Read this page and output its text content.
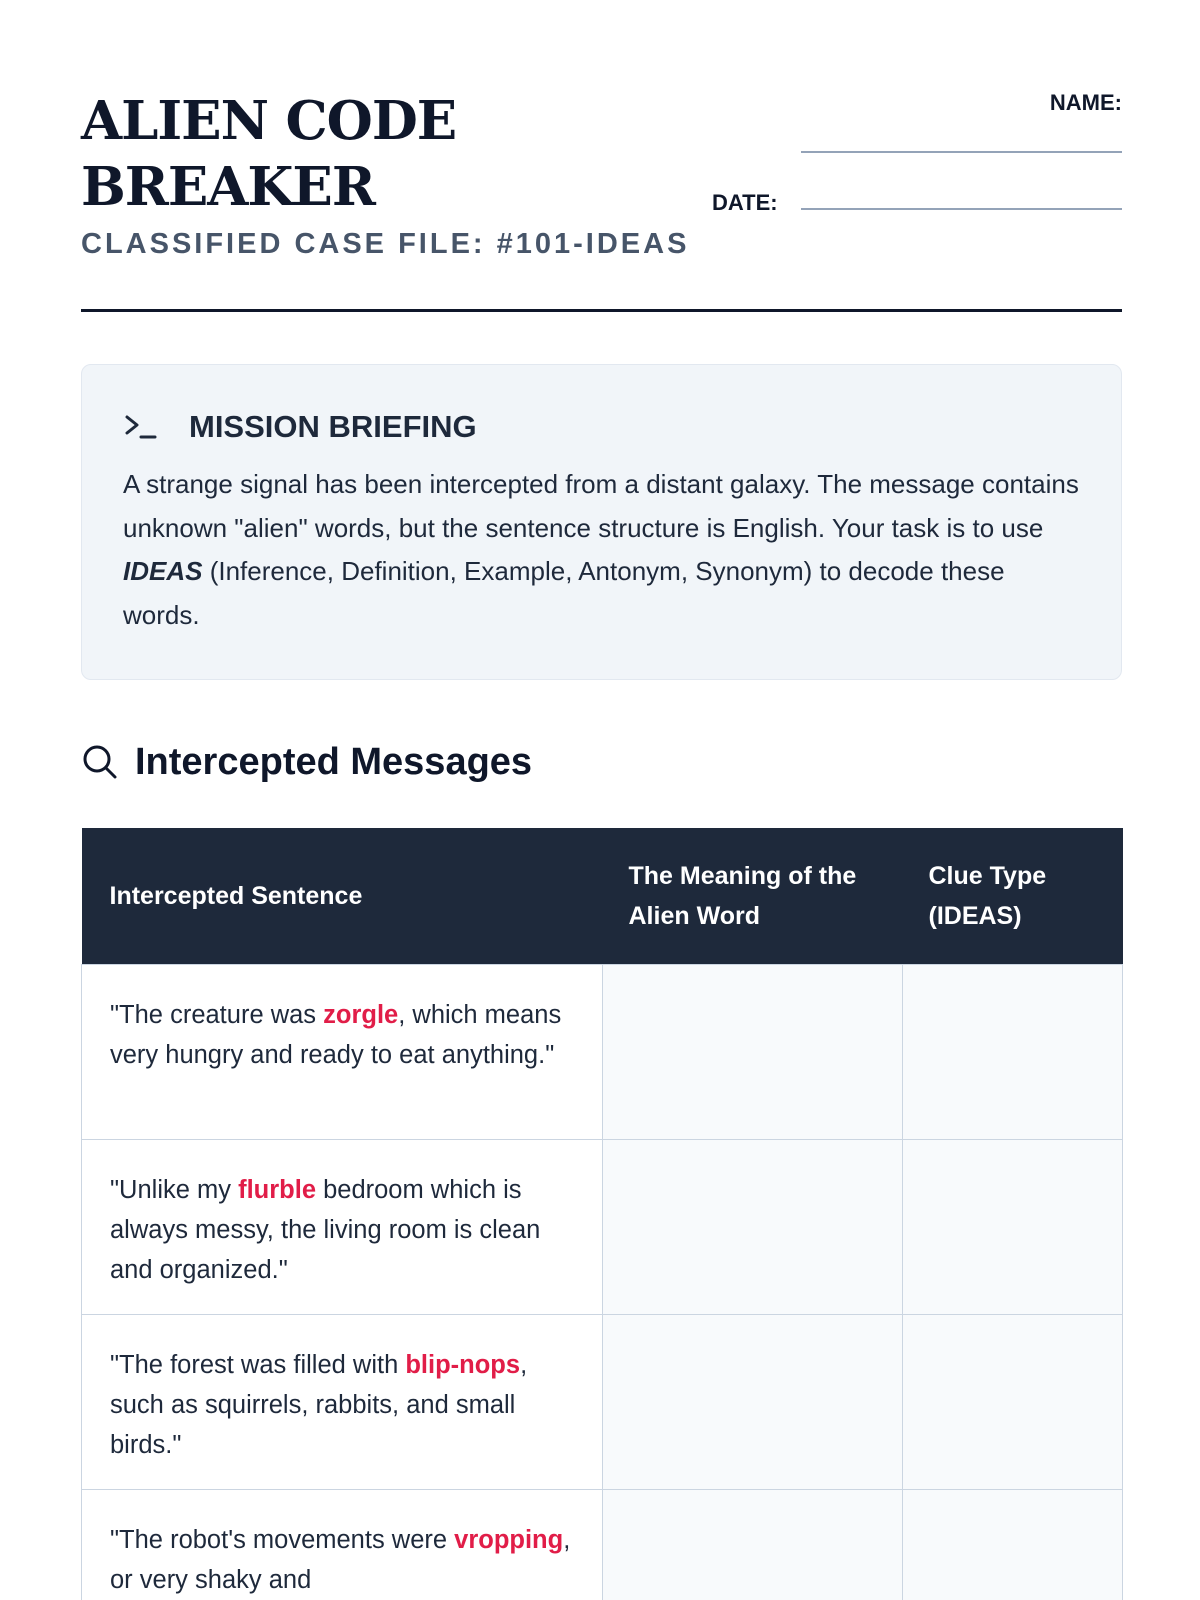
ALIEN CODE
BREAKER
CLASSIFIED CASE FILE: #101-IDEAS
NAME:
DATE:
MISSION BRIEFING

A strange signal has been intercepted from a distant galaxy. The message contains unknown "alien" words, but the sentence structure is English. Your task is to use IDEAS (Inference, Definition, Example, Antonym, Synonym) to decode these words.

Intercepted Messages
Intercepted Sentence	The Meaning of the Alien Word	Clue Type (IDEAS)
"The creature was zorgle, which means very hungry and ready to eat anything."		
"Unlike my flurble bedroom which is always messy, the living room is clean and organized."		
"The forest was filled with blip-nops, such as squirrels, rabbits, and small birds."		
"The robot's movements were vropping, or very shaky and		
